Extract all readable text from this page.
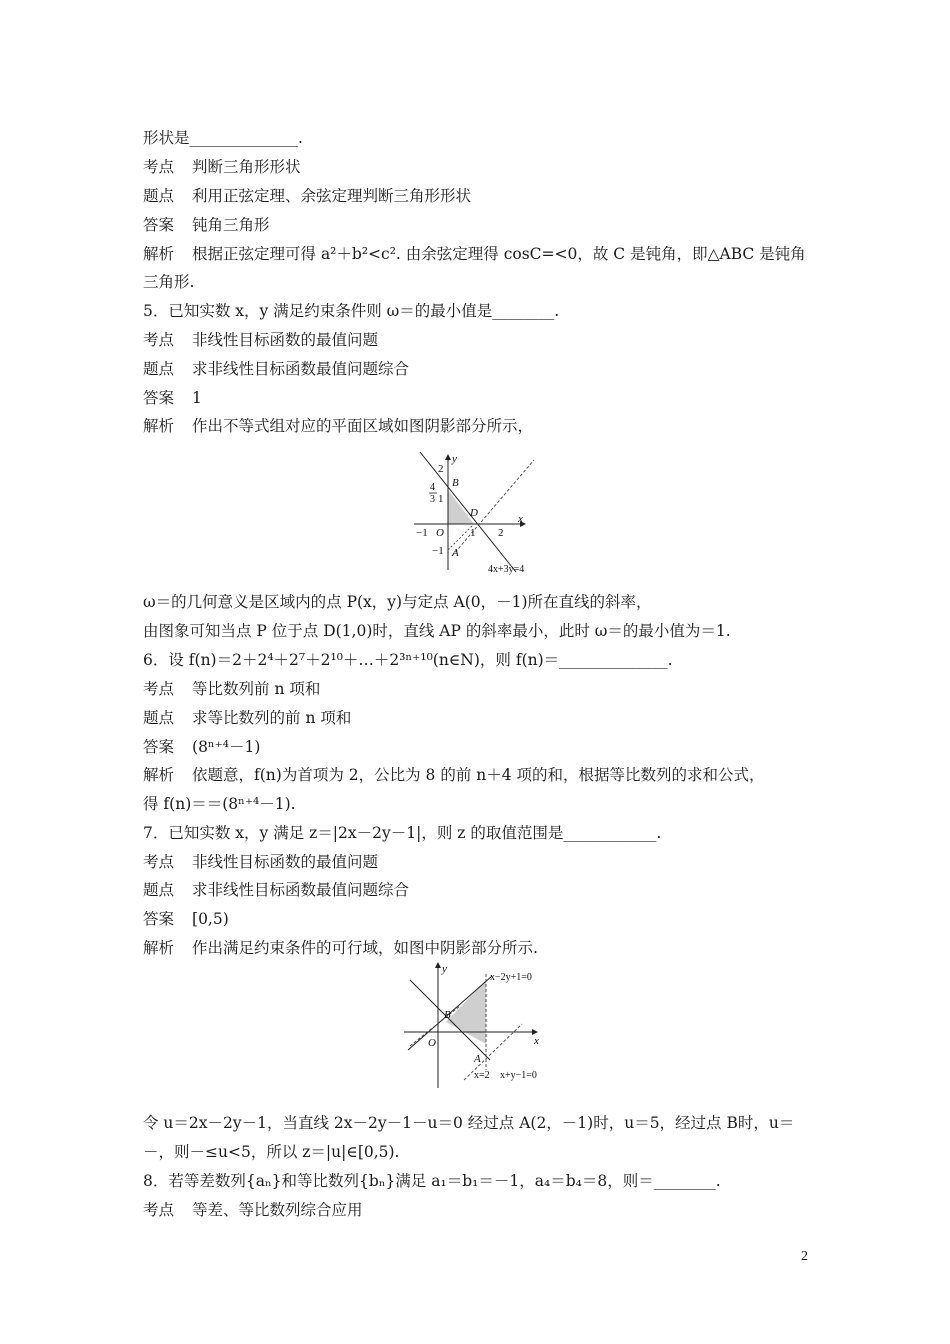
形状是______________.
考点 判断三角形形状
题点 利用正弦定理、余弦定理判断三角形形状
答案 钝角三角形
解析 根据正弦定理可得 a²＋b²<c². 由余弦定理得 cosC=<0，故 C 是钝角，即△ABC 是钝角
三角形.
5．已知实数 x，y 满足约束条件则 ω＝的最小值是________.
考点 非线性目标函数的最值问题
题点 求非线性目标函数最值问题综合
答案 1
解析 作出不等式组对应的平面区域如图阴影部分所示，
ω＝的几何意义是区域内的点 P(x，y)与定点 A(0，－1)所在直线的斜率，
由图象可知当点 P 位于点 D(1,0)时，直线 AP 的斜率最小，此时 ω＝的最小值为＝1.
6．设 f(n)＝2＋2⁴＋2⁷＋2¹⁰＋…＋2³ⁿ⁺¹⁰(n∈N)，则 f(n)＝______________.
考点 等比数列前 n 项和
题点 求等比数列的前 n 项和
答案 (8ⁿ⁺⁴－1)
解析 依题意，f(n)为首项为 2，公比为 8 的前 n＋4 项的和，根据等比数列的求和公式，
得 f(n)＝＝(8ⁿ⁺⁴－1).
7．已知实数 x，y 满足 z＝|2x－2y－1|，则 z 的取值范围是____________.
考点 非线性目标函数的最值问题
题点 求非线性目标函数最值问题综合
答案 [0,5)
解析 作出满足约束条件的可行域，如图中阴影部分所示.
令 u＝2x－2y－1，当直线 2x－2y－1－u＝0 经过点 A(2，－1)时，u＝5，经过点 B时，u＝
－，则－≤u<5，所以 z＝|u|∈[0,5).
8．若等差数列{aₙ}和等比数列{bₙ}满足 a₁＝b₁＝－1，a₄＝b₄＝8，则＝________.
考点 等差、等比数列综合应用
y
2
4
3
B
1
D	x
−1 O 1 2
−1 A
4x+3y=4
y
x−2y+1=0
B
O	x
A
x=2 x+y−1=0
2
